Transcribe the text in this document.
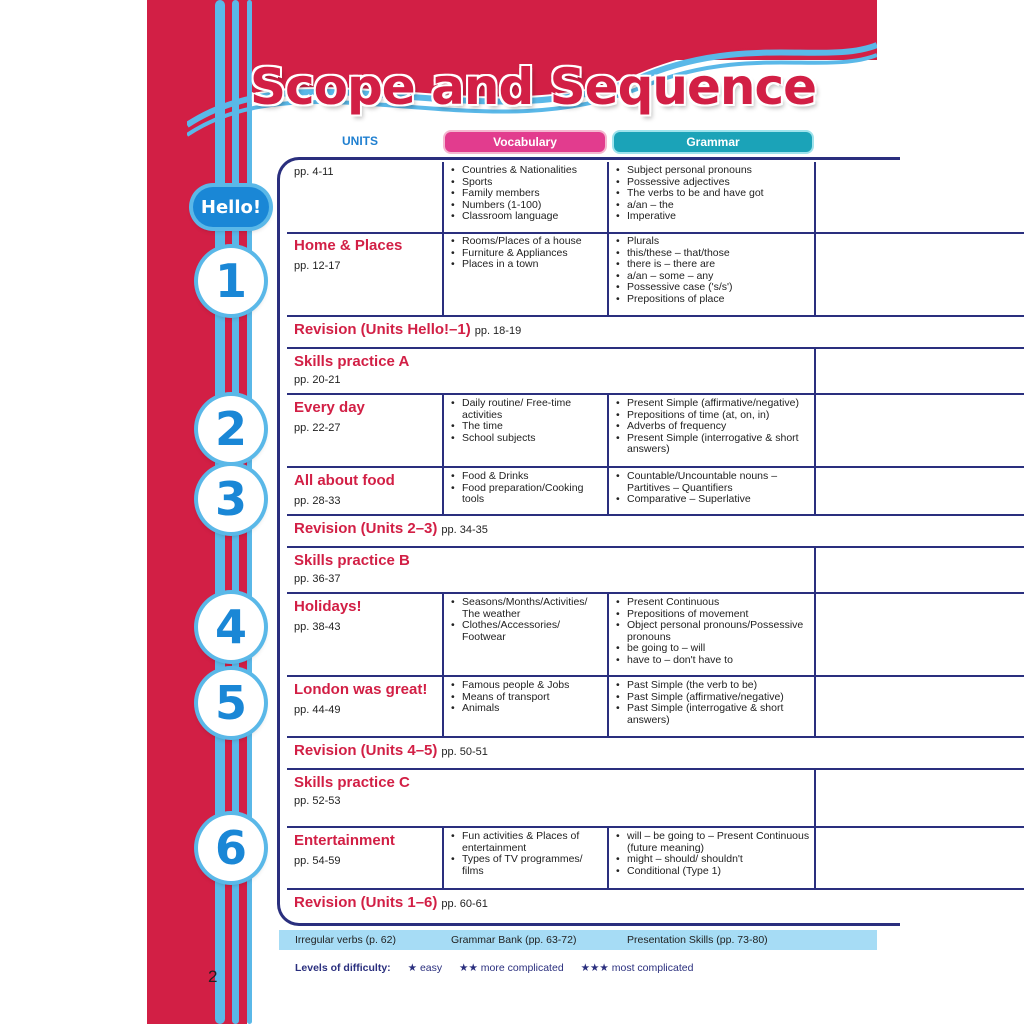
Scope and Sequence
UNITS	Vocabulary	Grammar
pp. 4-11
•	Countries & Nationalities
• Sports
• Family members
• Numbers (1-100)
• Classroom language
• Subject personal pronouns
• Possessive adjectives
• The verbs to be and have got
• a/an – the
• Imperative
Home & Places
pp. 12-17
• Rooms/Places of a house
• Furniture & Appliances
• Places in a town
• Plurals
• this/these – that/those
• there is – there are
• a/an – some – any
• Possessive case ('s/s')
• Prepositions of place
Revision (Units Hello!–1) pp. 18-19
Skills practice A
pp. 20-21
Every day
pp. 22-27
• Daily routine/ Free-time activities
• The time
• School subjects
• Present Simple (affirmative/negative)
• Prepositions of time (at, on, in)
• Adverbs of frequency
• Present Simple (interrogative & short answers)
All about food
pp. 28-33
• Food & Drinks
• Food preparation/Cooking tools
• Countable/Uncountable nouns – Partitives – Quantifiers
• Comparative – Superlative
Revision (Units 2–3) pp. 34-35
Skills practice B
pp. 36-37
Holidays!
pp. 38-43
• Seasons/Months/Activities/ The weather
• Clothes/Accessories/ Footwear
• Present Continuous
• Prepositions of movement
• Object personal pronouns/Possessive pronouns
• be going to – will
• have to – don't have to
London was great!
pp. 44-49
• Famous people & Jobs
• Means of transport
• Animals
• Past Simple (the verb to be)
• Past Simple (affirmative/negative)
• Past Simple (interrogative & short answers)
Revision (Units 4–5) pp. 50-51
Skills practice C
pp. 52-53
Entertainment
pp. 54-59
• Fun activities & Places of entertainment
• Types of TV programmes/ films
• will – be going to – Present Continuous (future meaning)
• might – should/ shouldn't
• Conditional (Type 1)
Revision (Units 1–6) pp. 60-61
Hello!
1
2
3
4
5
6
Irregular verbs (p. 62)	Grammar Bank (pp. 63-72)	Presentation Skills (pp. 73-80)
Levels of difficulty: ★ easy ★★ more complicated ★★★ most complicated
2
